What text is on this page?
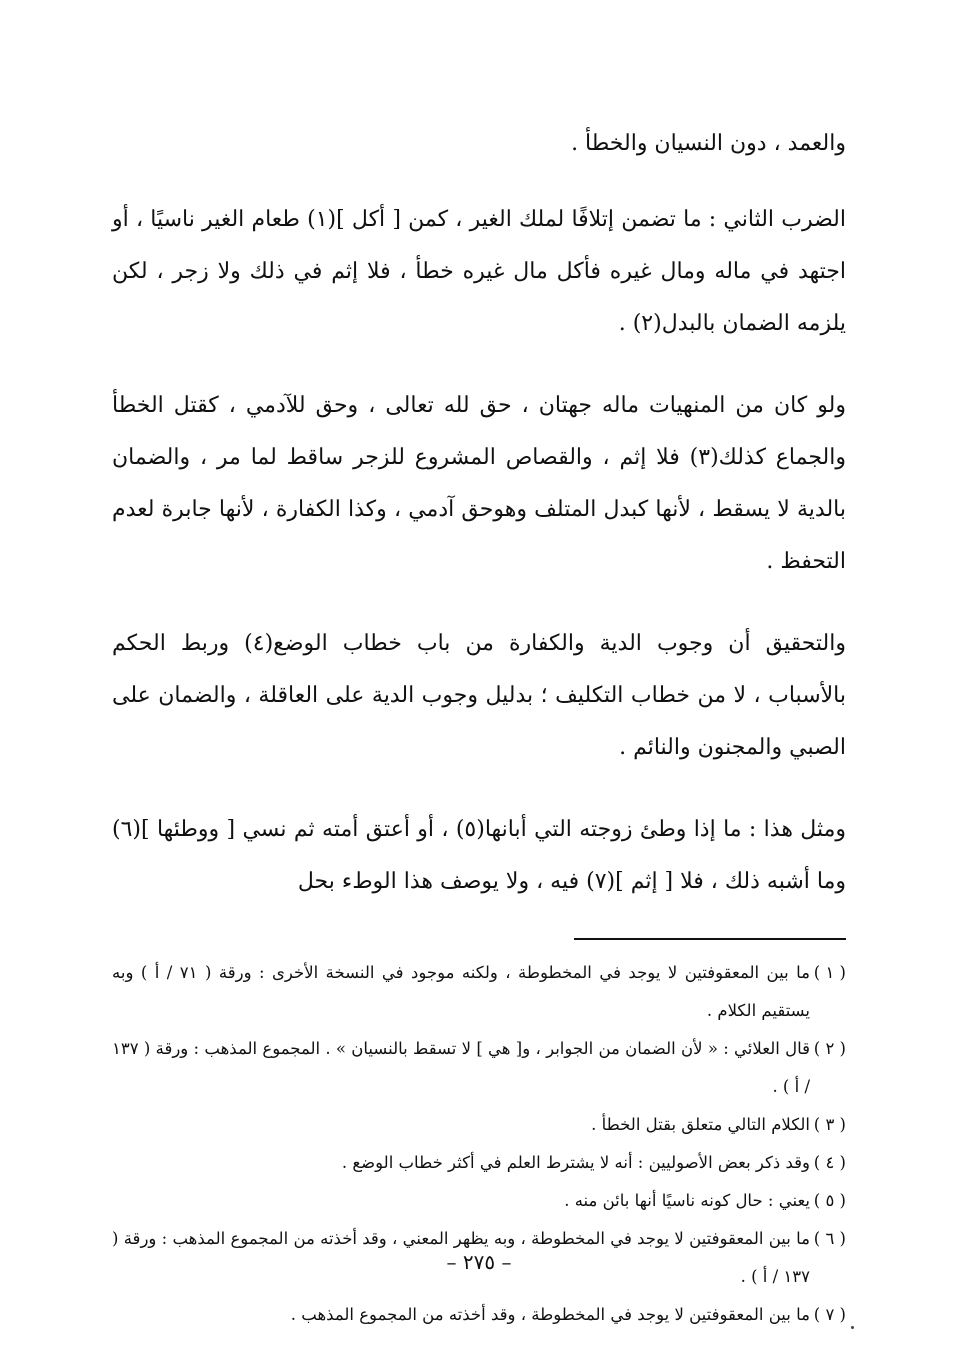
والعمد ، دون النسيان والخطأ .

الضرب الثاني : ما تضمن إتلافًا لملك الغير ، كمن [ أكل ](١) طعام الغير ناسيًا ، أو اجتهد في ماله ومال غيره فأكل مال غيره خطأ ، فلا إثم في ذلك ولا زجر ، لكن يلزمه الضمان بالبدل(٢) .

ولو كان من المنهيات ماله جهتان ، حق لله تعالى ، وحق للآدمي ، كقتل الخطأ والجماع كذلك(٣) فلا إثم ، والقصاص المشروع للزجر ساقط لما مر ، والضمان بالدية لا يسقط ، لأنها كبدل المتلف وهوحق آدمي ، وكذا الكفارة ، لأنها جابرة لعدم التحفظ .

والتحقيق أن وجوب الدية والكفارة من باب خطاب الوضع(٤) وربط الحكم بالأسباب ، لا من خطاب التكليف ؛ بدليل وجوب الدية على العاقلة ، والضمان على الصبي والمجنون والنائم .

ومثل هذا : ما إذا وطئ زوجته التي أبانها(٥) ، أو أعتق أمته ثم نسي [ ووطئها ](٦) وما أشبه ذلك ، فلا [ إثم ](٧) فيه ، ولا يوصف هذا الوطء بحل

( ١ )
ما بين المعقوفتين لا يوجد في المخطوطة ، ولكنه موجود في النسخة الأخرى : ورقة ( ٧١ / أ ) وبه يستقيم الكلام .

( ٢ )
قال العلائي : « لأن الضمان من الجوابر ، و[ هي ] لا تسقط بالنسيان » . المجموع المذهب : ورقة ( ١٣٧ / أ ) .

( ٣ )
الكلام التالي متعلق بقتل الخطأ .

( ٤ )
وقد ذكر بعض الأصوليين : أنه لا يشترط العلم في أكثر خطاب الوضع .

( ٥ )
يعني : حال كونه ناسيًا أنها بائن منه .

( ٦ )
ما بين المعقوفتين لا يوجد في المخطوطة ، وبه يظهر المعني ، وقد أخذته من المجموع المذهب : ورقة ( ١٣٧ / أ ) .

( ٧ )
ما بين المعقوفتين لا يوجد في المخطوطة ، وقد أخذته من المجموع المذهب .

– ٢٧٥ –
